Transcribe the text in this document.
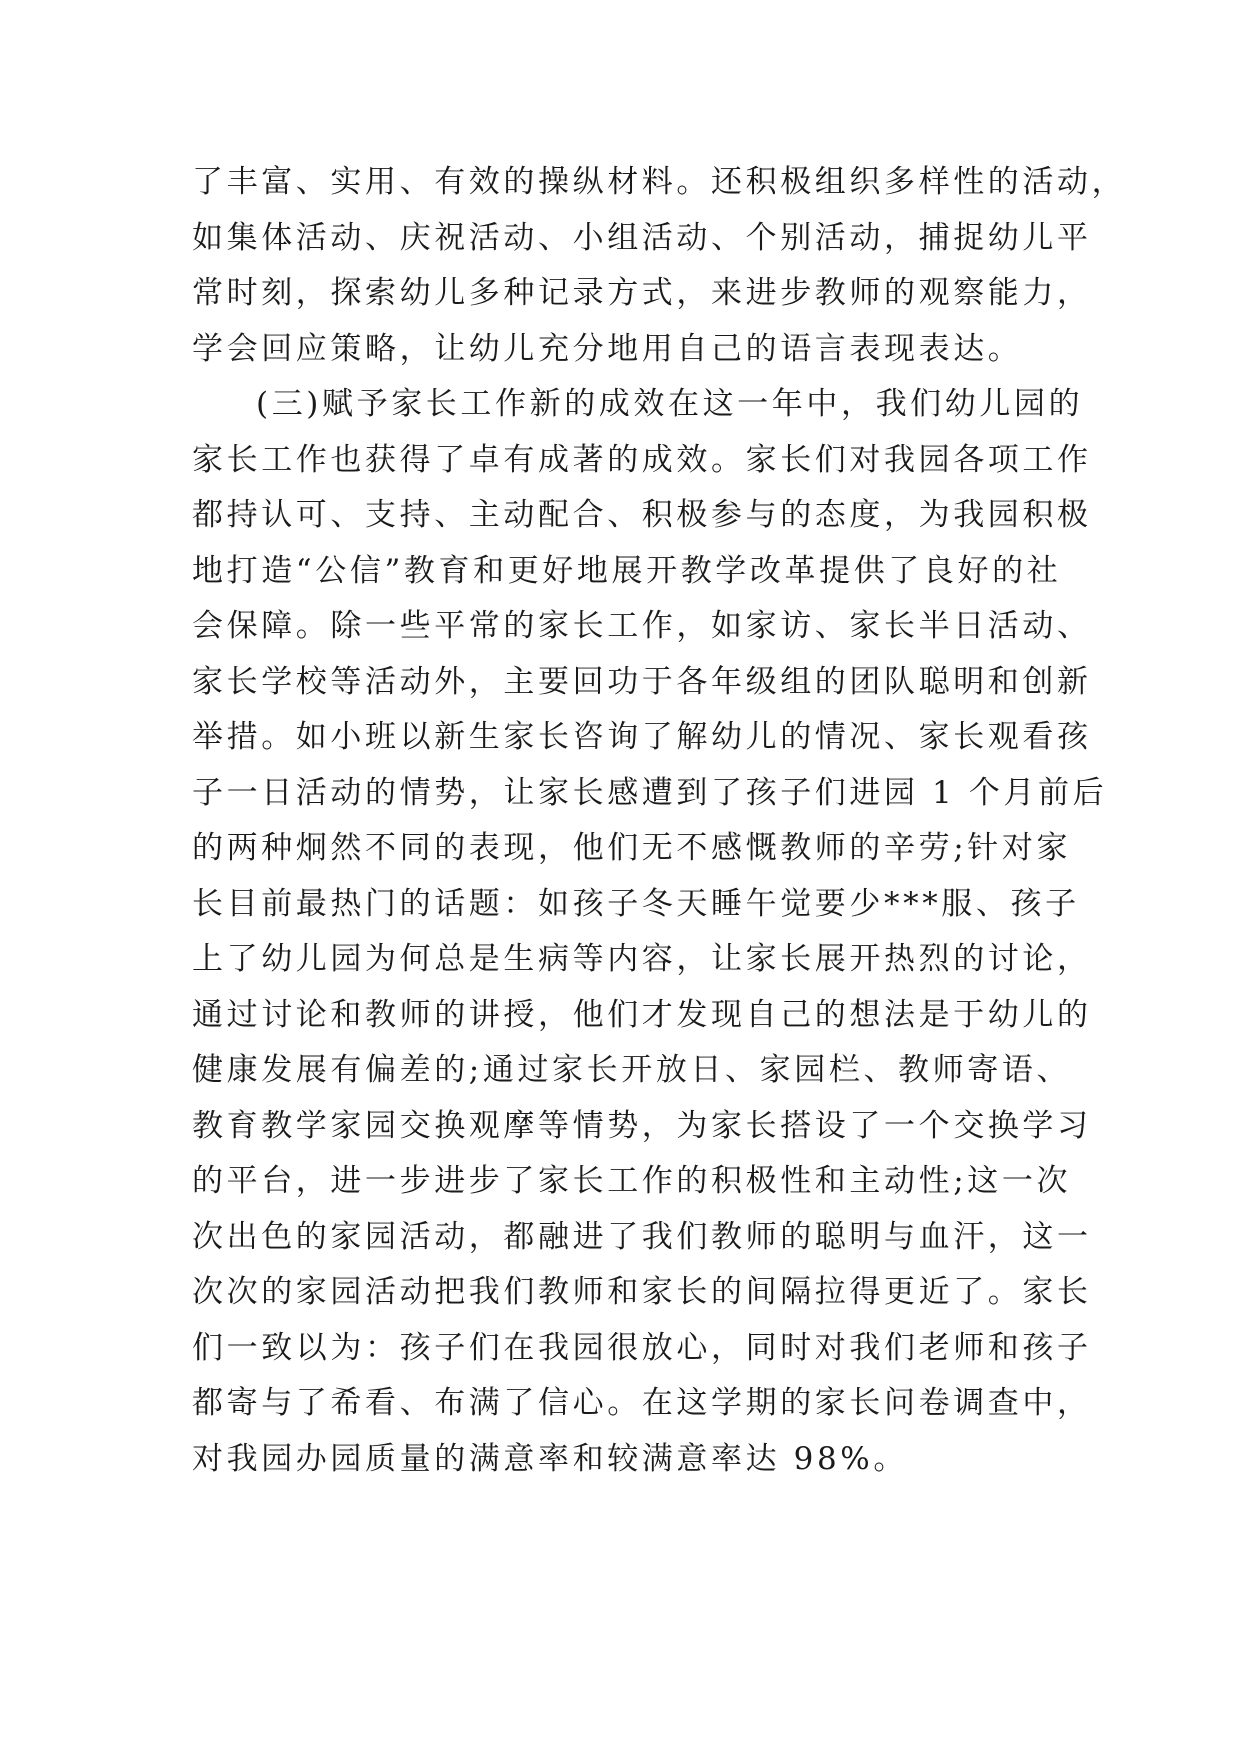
了丰富、实用、有效的操纵材料。还积极组织多样性的活动，
如集体活动、庆祝活动、小组活动、个别活动，捕捉幼儿平
常时刻，探索幼儿多种记录方式，来进步教师的观察能力，
学会回应策略，让幼儿充分地用自己的语言表现表达。
(三)赋予家长工作新的成效在这一年中，我们幼儿园的
家长工作也获得了卓有成著的成效。家长们对我园各项工作
都持认可、支持、主动配合、积极参与的态度，为我园积极
地打造“公信”教育和更好地展开教学改革提供了良好的社
会保障。除一些平常的家长工作，如家访、家长半日活动、
家长学校等活动外，主要回功于各年级组的团队聪明和创新
举措。如小班以新生家长咨询了解幼儿的情况、家长观看孩
子一日活动的情势，让家长感遭到了孩子们进园 1 个月前后
的两种炯然不同的表现，他们无不感慨教师的辛劳;针对家
长目前最热门的话题：如孩子冬天睡午觉要少***服、孩子
上了幼儿园为何总是生病等内容，让家长展开热烈的讨论，
通过讨论和教师的讲授，他们才发现自己的想法是于幼儿的
健康发展有偏差的;通过家长开放日、家园栏、教师寄语、
教育教学家园交换观摩等情势，为家长搭设了一个交换学习
的平台，进一步进步了家长工作的积极性和主动性;这一次
次出色的家园活动，都融进了我们教师的聪明与血汗，这一
次次的家园活动把我们教师和家长的间隔拉得更近了。家长
们一致以为：孩子们在我园很放心，同时对我们老师和孩子
都寄与了希看、布满了信心。在这学期的家长问卷调查中，
对我园办园质量的满意率和较满意率达 98%。
